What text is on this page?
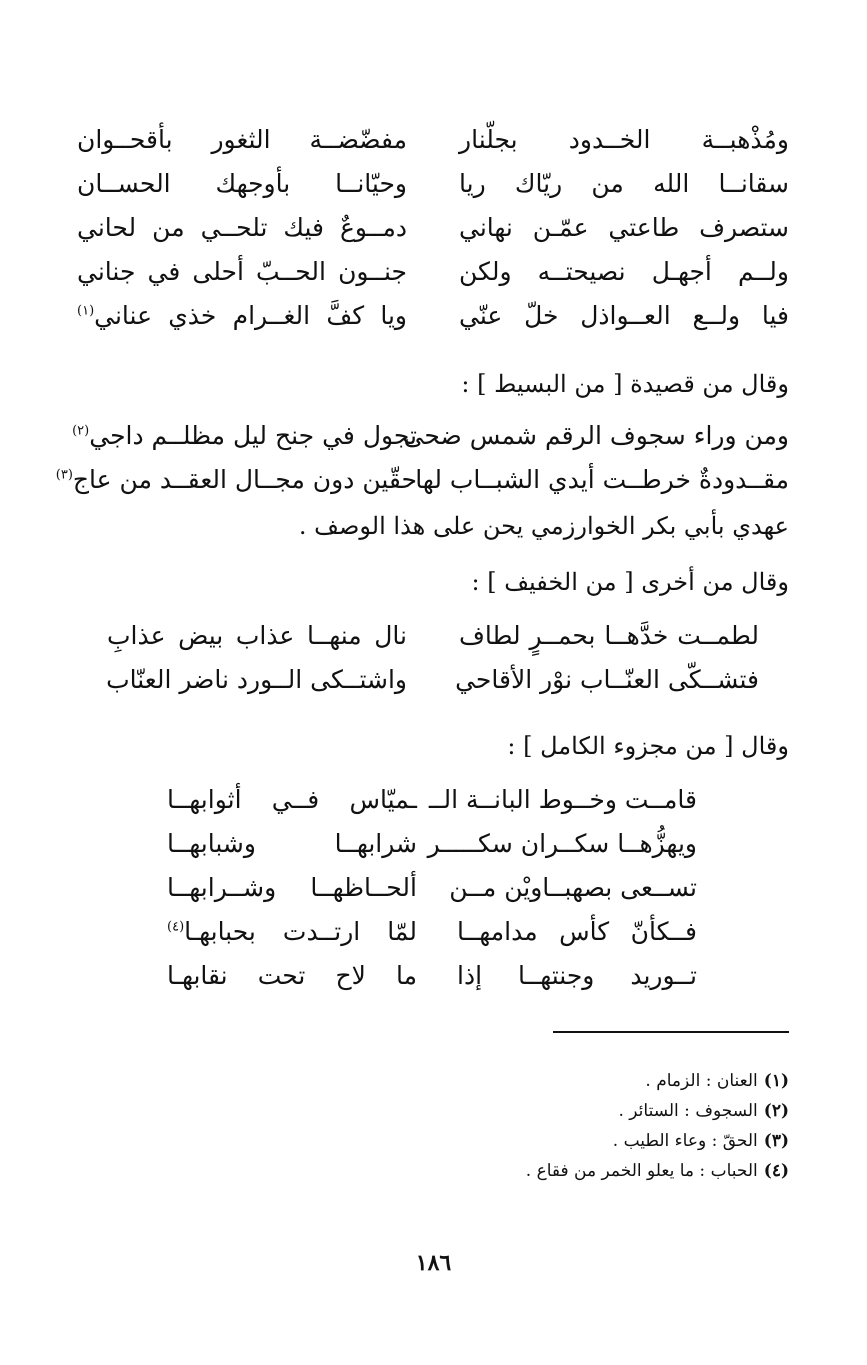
ومُذْهبــة الخــدود بجلّنار
مفضّضــة الثغور بأقحــوان
سقانــا الله من ريّاك ريا
وحيّانــا بأوجهك الحســان
ستصرف طاعتي عمّـن نهاني
دمــوعٌ فيك تلحــي من لحاني
ولــم أجهـل نصيحتــه ولكن
جنــون الحــبّ أحلى في جناني
فيا ولــع العــواذل خلّ عنّي
ويا كفَّ الغــرام خذي عناني$^{(١)}$
وقال من قصيدة [ من البسيط ] :
ومن وراء سجوف الرقم شمس ضحى
تجول في جنح ليل مظلــم داجي$^{(٢)}$
مقــدودةٌ خرطــت أيدي الشبــاب لها
حقّين دون مجــال العقــد من عاج$^{(٣)}$
عهدي بأبي بكر الخوارزمي يحن على هذا الوصف .
وقال من أخرى [ من الخفيف ] :
لطمــت خدَّهــا بحمــرٍ لطاف
نال منهــا عذاب بيض عذابِ
فتشــكّى العنّــاب نوْر الأقاحي
واشتــكى الــورد ناضر العنّاب
وقال [ من مجزوء الكامل ] :
قامــت وخــوط البانــة الــ
ـميّاس فــي أثوابهــا
ويهزُّهــا سكــران سكـــــر
شرابهــا وشبابهــا
تســعى بصهبــاويْن مــن
ألحــاظهــا وشــرابهــا
فــكأنّ كأس مدامهــا
لمّا ارتــدت بحبابهـا$^{(٤)}$
تــوريد وجنتهــا إذا
ما لاح تحت نقابهـا
(١)العنان : الزمام .
(٢)السجوف : الستائر .
(٣)الحقّ : وعاء الطيب .
(٤)الحباب : ما يعلو الخمر من فقاع .
١٨٦
